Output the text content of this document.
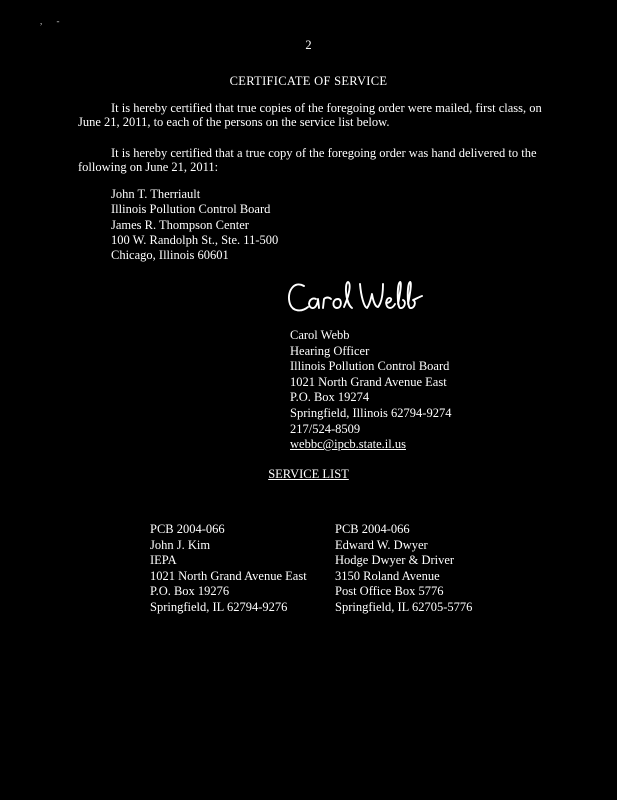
, -
2
CERTIFICATE OF SERVICE
It is hereby certified that true copies of the foregoing order were mailed, first class, on June 21, 2011, to each of the persons on the service list below.
It is hereby certified that a true copy of the foregoing order was hand delivered to the following on June 21, 2011:
John T. Therriault
Illinois Pollution Control Board
James R. Thompson Center
100 W. Randolph St., Ste. 11-500
Chicago, Illinois 60601
Carol Webb
Hearing Officer
Illinois Pollution Control Board
1021 North Grand Avenue East
P.O. Box 19274
Springfield, Illinois 62794-9274
217/524-8509
webbc@ipcb.state.il.us
SERVICE LIST
PCB 2004-066
John J. Kim
IEPA
1021 North Grand Avenue East
P.O. Box 19276
Springfield, IL 62794-9276
PCB 2004-066
Edward W. Dwyer
Hodge Dwyer & Driver
3150 Roland Avenue
Post Office Box 5776
Springfield, IL 62705-5776
